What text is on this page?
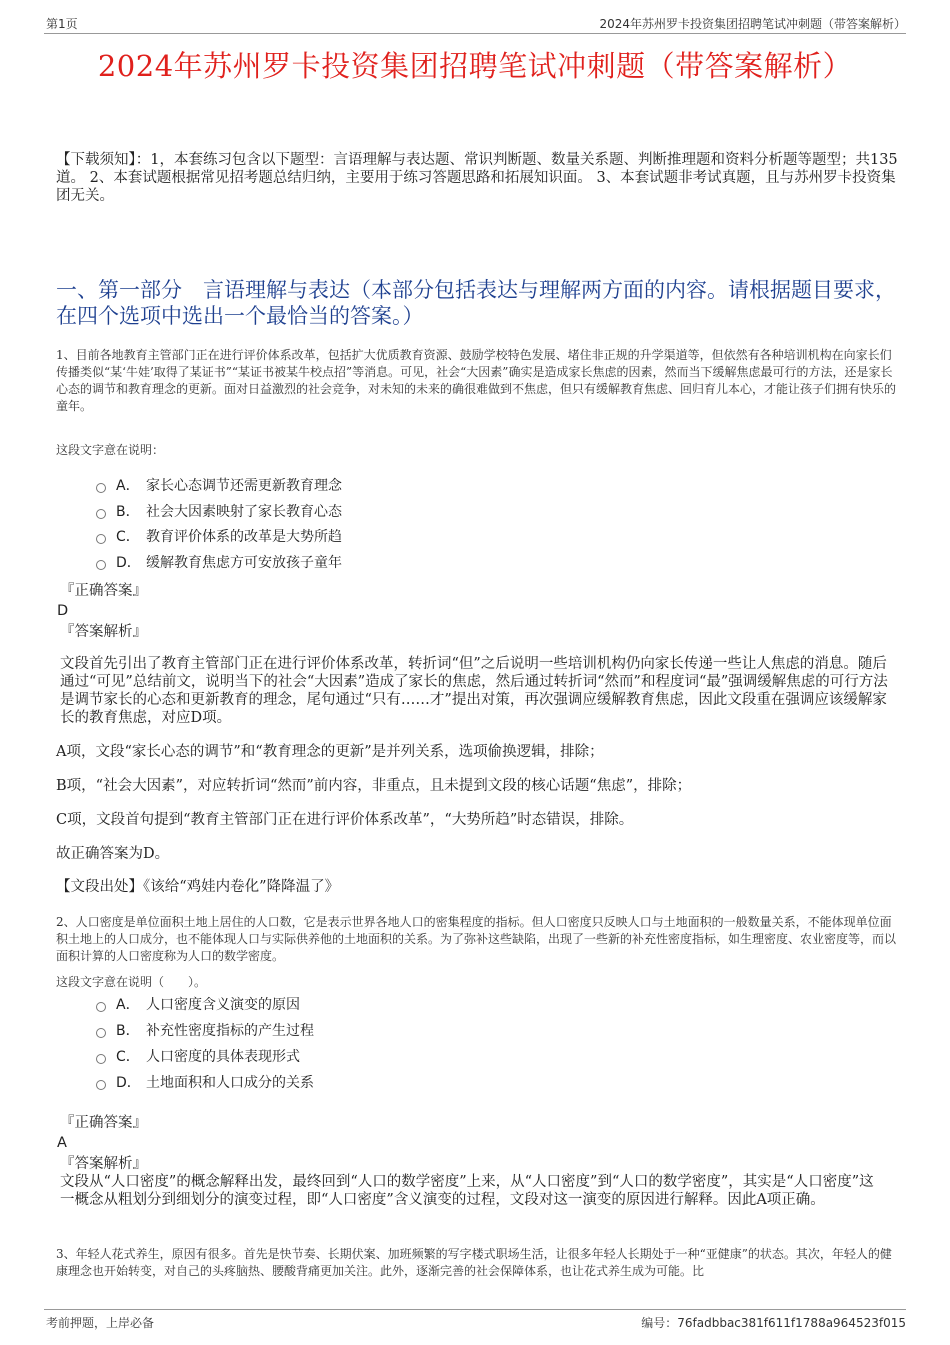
第1页	2024年苏州罗卡投资集团招聘笔试冲刺题（带答案解析）
2024年苏州罗卡投资集团招聘笔试冲刺题（带答案解析）
【下载须知】：1，本套练习包含以下题型：言语理解与表达题、常识判断题、数量关系题、判断推理题和资料分析题等题型；共135道。 2、本套试题根据常见招考题总结归纳，主要用于练习答题思路和拓展知识面。 3、本套试题非考试真题，且与苏州罗卡投资集团无关。
一、第一部分　言语理解与表达（本部分包括表达与理解两方面的内容。请根据题目要求，在四个选项中选出一个最恰当的答案。）
1、目前各地教育主管部门正在进行评价体系改革，包括扩大优质教育资源、鼓励学校特色发展、堵住非正规的升学渠道等，但依然有各种培训机构在向家长们传播类似“某‘牛娃’取得了某证书”“某证书被某牛校点招”等消息。可见，社会“大因素”确实是造成家长焦虑的因素，然而当下缓解焦虑最可行的方法，还是家长心态的调节和教育理念的更新。面对日益激烈的社会竞争，对未知的未来的确很难做到不焦虑，但只有缓解教育焦虑、回归育儿本心，才能让孩子们拥有快乐的童年。
这段文字意在说明：
A． 家长心态调节还需更新教育理念
B． 社会大因素映射了家长教育心态
C． 教育评价体系的改革是大势所趋
D． 缓解教育焦虑方可安放孩子童年
『正确答案』
D
『答案解析』
文段首先引出了教育主管部门正在进行评价体系改革，转折词“但”之后说明一些培训机构仍向家长传递一些让人焦虑的消息。随后通过“可见”总结前文，说明当下的社会“大因素”造成了家长的焦虑，然后通过转折词“然而”和程度词“最”强调缓解焦虑的可行方法是调节家长的心态和更新教育的理念，尾句通过“只有……才”提出对策，再次强调应缓解教育焦虑，因此文段重在强调应该缓解家长的教育焦虑，对应D项。
A项，文段“家长心态的调节”和“教育理念的更新”是并列关系，选项偷换逻辑，排除；
B项，“社会大因素”，对应转折词“然而”前内容，非重点，且未提到文段的核心话题“焦虑”，排除；
C项，文段首句提到“教育主管部门正在进行评价体系改革”，“大势所趋”时态错误，排除。
故正确答案为D。
【文段出处】《该给“鸡娃内卷化”降降温了》
2、人口密度是单位面积土地上居住的人口数，它是表示世界各地人口的密集程度的指标。但人口密度只反映人口与土地面积的一般数量关系，不能体现单位面积土地上的人口成分，也不能体现人口与实际供养他的土地面积的关系。为了弥补这些缺陷，出现了一些新的补充性密度指标，如生理密度、农业密度等，而以面积计算的人口密度称为人口的数学密度。
这段文字意在说明（　　）。
A． 人口密度含义演变的原因
B． 补充性密度指标的产生过程
C． 人口密度的具体表现形式
D． 土地面积和人口成分的关系
『正确答案』
A
『答案解析』
文段从“人口密度”的概念解释出发，最终回到“人口的数学密度”上来，从“人口密度”到“人口的数学密度”，其实是“人口密度”这一概念从粗划分到细划分的演变过程，即“人口密度”含义演变的过程，文段对这一演变的原因进行解释。因此A项正确。
3、年轻人花式养生，原因有很多。首先是快节奏、长期伏案、加班频繁的写字楼式职场生活，让很多年轻人长期处于一种“亚健康”的状态。其次，年轻人的健康理念也开始转变，对自己的头疼脑热、腰酸背痛更加关注。此外，逐渐完善的社会保障体系，也让花式养生成为可能。比
考前押题，上岸必备	编号：76fadbbac381f611f1788a964523f015
